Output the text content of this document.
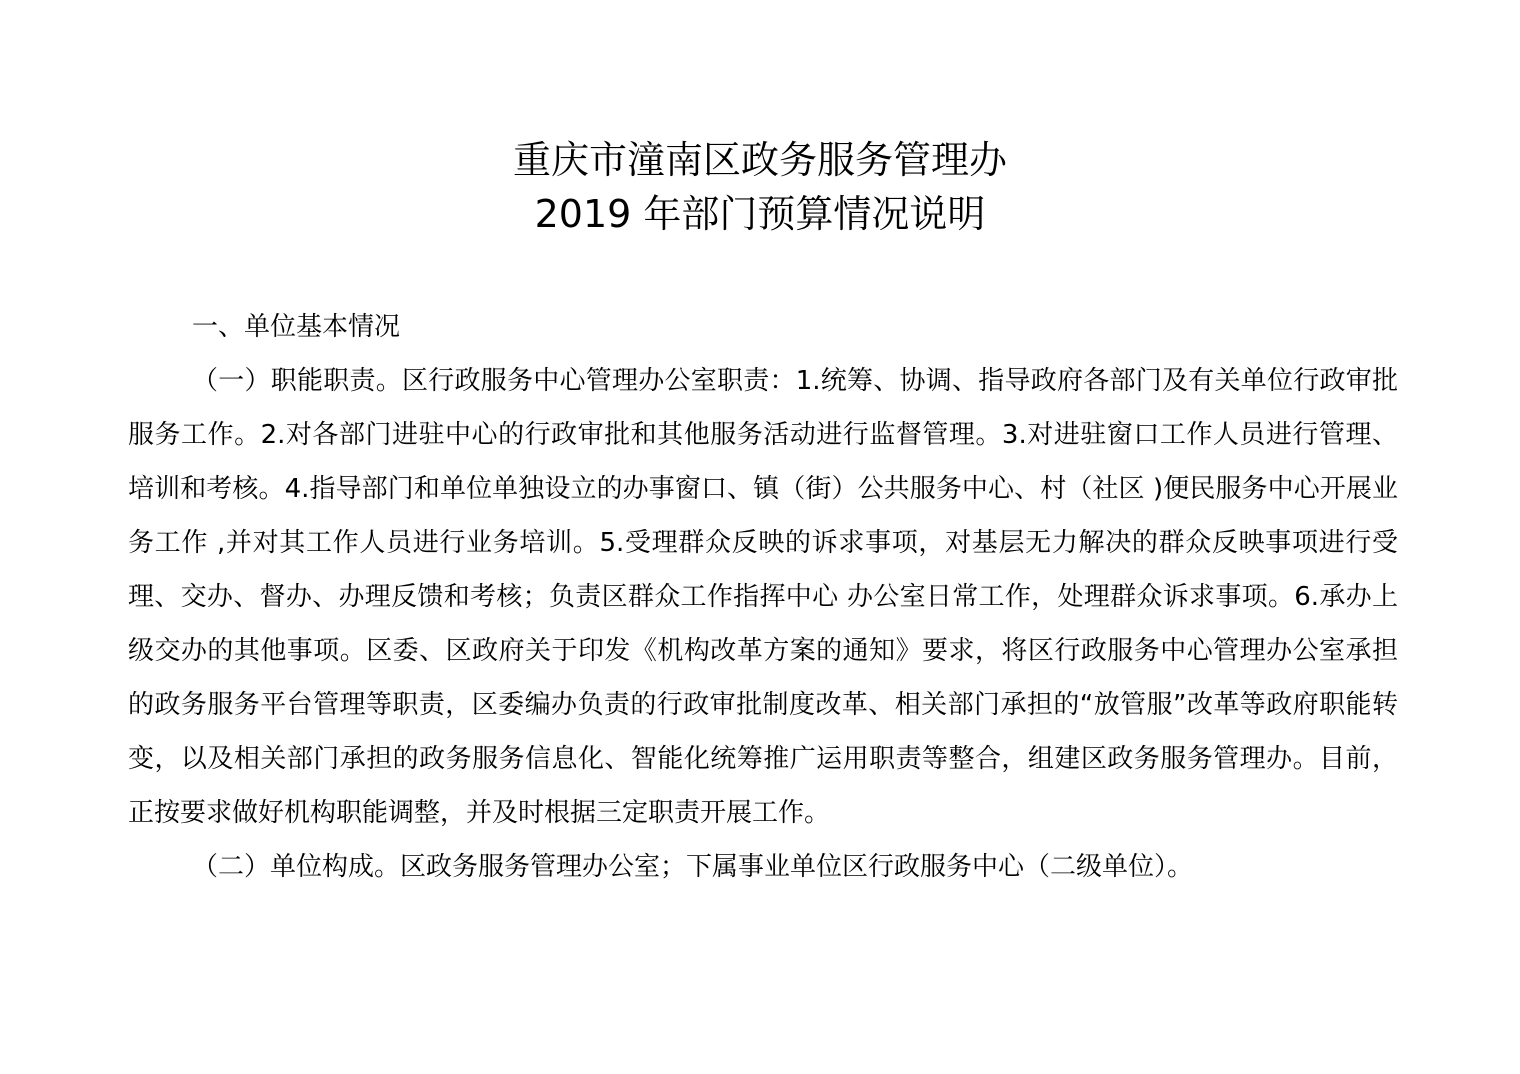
重庆市潼南区政务服务管理办
2019 年部门预算情况说明

一、单位基本情况

（一）职能职责。区行政服务中心管理办公室职责：1.统筹、协调、指导政府各部门及有关单位行政审批服务工作。2.对各部门进驻中心的行政审批和其他服务活动进行监督管理。3.对进驻窗口工作人员进行管理、培训和考核。4.指导部门和单位单独设立的办事窗口、镇（街）公共服务中心、村（社区 )便民服务中心开展业务工作 ,并对其工作人员进行业务培训。5.受理群众反映的诉求事项，对基层无力解决的群众反映事项进行受理、交办、督办、办理反馈和考核；负责区群众工作指挥中心 办公室日常工作，处理群众诉求事项。6.承办上级交办的其他事项。区委、区政府关于印发《机构改革方案的通知》要求，将区行政服务中心管理办公室承担的政务服务平台管理等职责，区委编办负责的行政审批制度改革、相关部门承担的“放管服”改革等政府职能转变，以及相关部门承担的政务服务信息化、智能化统筹推广运用职责等整合，组建区政务服务管理办。目前，正按要求做好机构职能调整，并及时根据三定职责开展工作。

（二）单位构成。区政务服务管理办公室；下属事业单位区行政服务中心（二级单位）。
